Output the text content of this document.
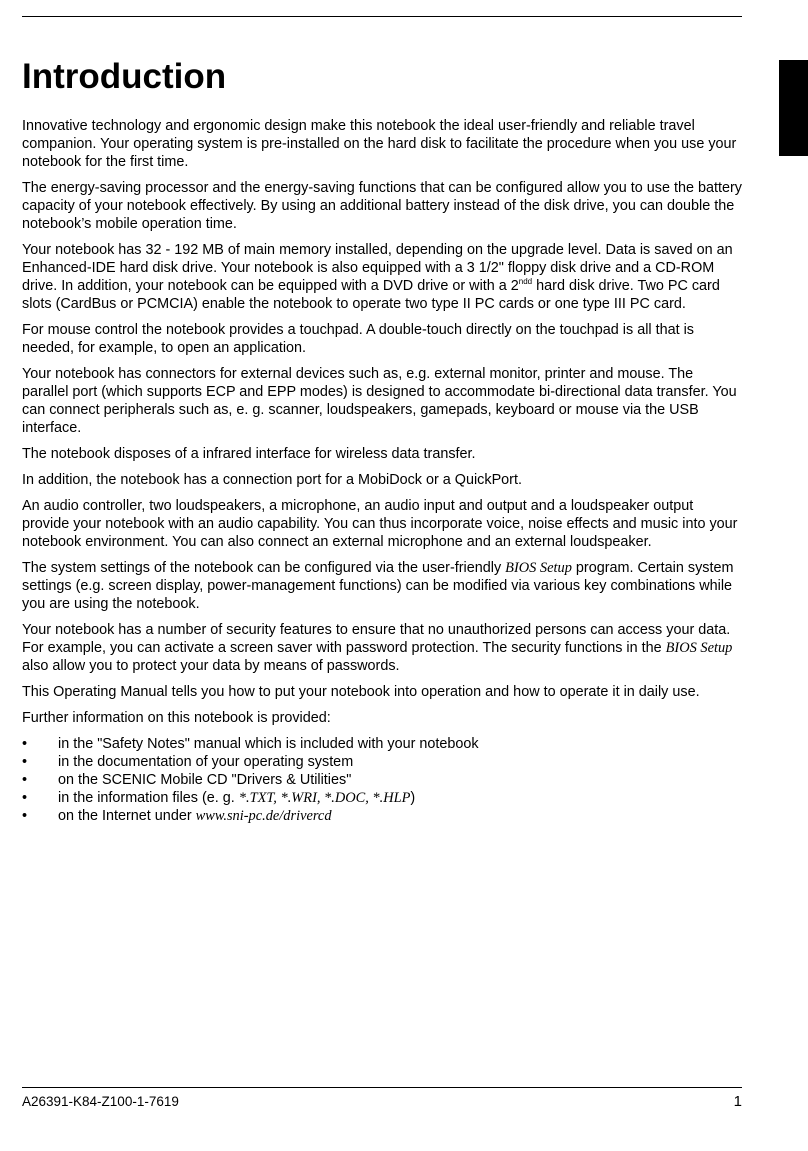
Introduction

Innovative technology and ergonomic design make this notebook the ideal user-friendly and reliable travel companion. Your operating system is pre-installed on the hard disk to facilitate the procedure when you use your notebook for the first time.

The energy-saving processor and the energy-saving functions that can be configured allow you to use the battery capacity of your notebook effectively. By using an additional battery instead of the disk drive, you can double the notebook’s mobile operation time.

Your notebook has 32 - 192 MB of main memory installed, depending on the upgrade level. Data is saved on an Enhanced-IDE hard disk drive. Your notebook is also equipped with a 3 1/2" floppy disk drive and a CD-ROM drive. In addition, your notebook can be equipped with a DVD drive or with a $2^{ndd}$ hard disk drive. Two PC card slots (CardBus or PCMCIA) enable the notebook to operate two type II PC cards or one type III PC card.

For mouse control the notebook provides a touchpad. A double-touch directly on the touchpad is all that is needed, for example, to open an application.

Your notebook has connectors for external devices such as, e.g. external monitor, printer and mouse. The parallel port (which supports ECP and EPP modes) is designed to accommodate bi-directional data transfer. You can connect peripherals such as, e. g. scanner, loudspeakers, gamepads, keyboard or mouse via the USB interface.

The notebook disposes of a infrared interface for wireless data transfer.

In addition, the notebook has a connection port for a MobiDock or a QuickPort.

An audio controller, two loudspeakers, a microphone, an audio input and output and a loudspeaker output provide your notebook with an audio capability. You can thus incorporate voice, noise effects and music into your notebook environment. You can also connect an external microphone and an external loudspeaker.

The system settings of the notebook can be configured via the user-friendly BIOS Setup program. Certain system settings (e.g. screen display, power-management functions) can be modified via various key combinations while you are using the notebook.

Your notebook has a number of security features to ensure that no unauthorized persons can access your data. For example, you can activate a screen saver with password protection. The security functions in the BIOS Setup also allow you to protect your data by means of passwords.

This Operating Manual tells you how to put your notebook into operation and how to operate it in daily use.

Further information on this notebook is provided:

• in the "Safety Notes" manual which is included with your notebook
• in the documentation of your operating system
• on the SCENIC Mobile CD "Drivers & Utilities"
• in the information files (e. g. *.TXT, *.WRI, *.DOC, *.HLP)
• on the Internet under www.sni-pc.de/drivercd
A26391-K84-Z100-1-7619	1
